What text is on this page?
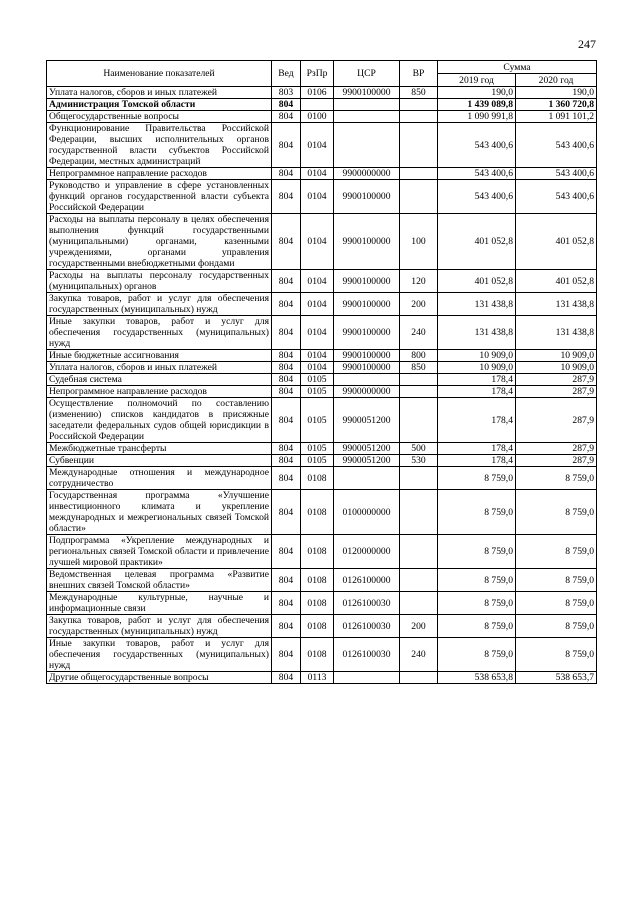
247
Наименование показателей	Вед	РзПр	ЦСР	ВР	Сумма	
					2019 год	2020 год
Уплата налогов, сборов и иных платежей	803	0106	9900100000	850	190,0	190,0
Администрация Томской области	804				1 439 089,8	1 360 720,8
Общегосударственные вопросы	804	0100			1 090 991,8	1 091 101,2
Функционирование Правительства Российской Федерации, высших исполнительных органов государственной власти субъектов Российской Федерации, местных администраций	804	0104			543 400,6	543 400,6
Непрограммное направление расходов	804	0104	9900000000		543 400,6	543 400,6
Руководство и управление в сфере установленных функций органов государственной власти субъекта Российской Федерации	804	0104	9900100000		543 400,6	543 400,6
Расходы на выплаты персоналу в целях обеспечения выполнения функций государственными (муниципальными) органами, казенными учреждениями, органами управления государственными внебюджетными фондами	804	0104	9900100000	100	401 052,8	401 052,8
Расходы на выплаты персоналу государственных (муниципальных) органов	804	0104	9900100000	120	401 052,8	401 052,8
Закупка товаров, работ и услуг для обеспечения государственных (муниципальных) нужд	804	0104	9900100000	200	131 438,8	131 438,8
Иные закупки товаров, работ и услуг для обеспечения государственных (муниципальных) нужд	804	0104	9900100000	240	131 438,8	131 438,8
Иные бюджетные ассигнования	804	0104	9900100000	800	10 909,0	10 909,0
Уплата налогов, сборов и иных платежей	804	0104	9900100000	850	10 909,0	10 909,0
Судебная система	804	0105			178,4	287,9
Непрограммное направление расходов	804	0105	9900000000		178,4	287,9
Осуществление полномочий по составлению (изменению) списков кандидатов в присяжные заседатели федеральных судов общей юрисдикции в Российской Федерации	804	0105	9900051200		178,4	287,9
Межбюджетные трансферты	804	0105	9900051200	500	178,4	287,9
Субвенции	804	0105	9900051200	530	178,4	287,9
Международные отношения и международное сотрудничество	804	0108			8 759,0	8 759,0
Государственная программа «Улучшение инвестиционного климата и укрепление международных и межрегиональных связей Томской области»	804	0108	0100000000		8 759,0	8 759,0
Подпрограмма «Укрепление международных и региональных связей Томской области и привлечение лучшей мировой практики»	804	0108	0120000000		8 759,0	8 759,0
Ведомственная целевая программа «Развитие внешних связей Томской области»	804	0108	0126100000		8 759,0	8 759,0
Международные культурные, научные и информационные связи	804	0108	0126100030		8 759,0	8 759,0
Закупка товаров, работ и услуг для обеспечения государственных (муниципальных) нужд	804	0108	0126100030	200	8 759,0	8 759,0
Иные закупки товаров, работ и услуг для обеспечения государственных (муниципальных) нужд	804	0108	0126100030	240	8 759,0	8 759,0
Другие общегосударственные вопросы	804	0113			538 653,8	538 653,7
